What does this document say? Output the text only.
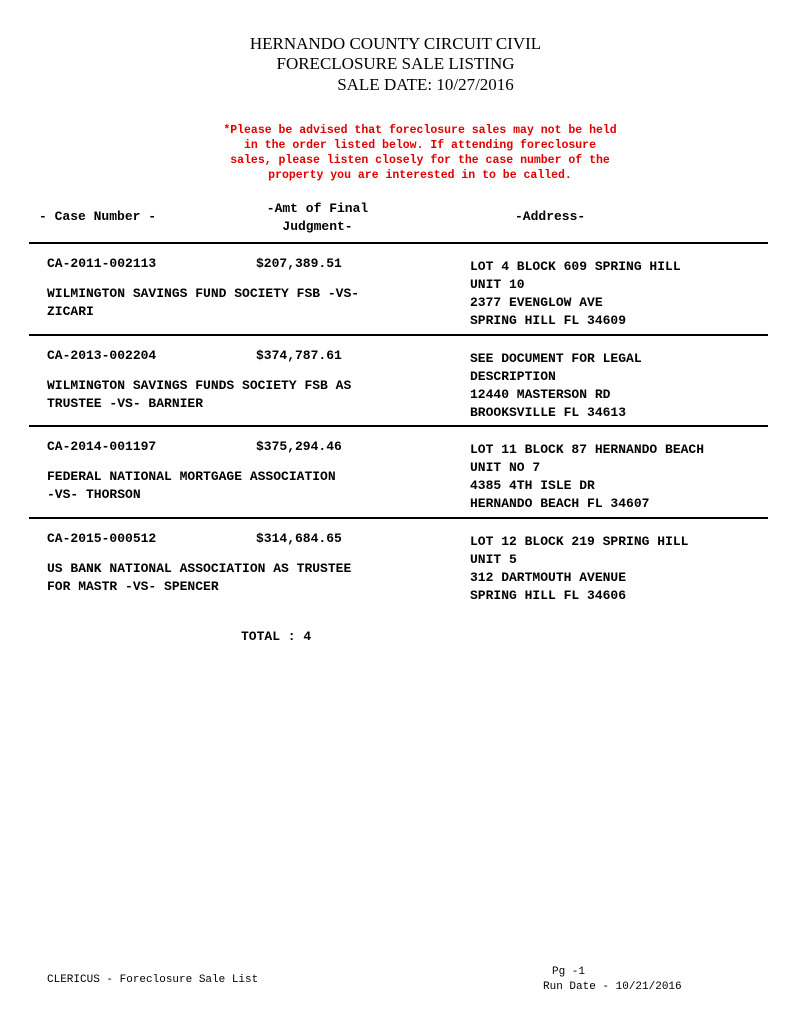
HERNANDO COUNTY CIRCUIT CIVIL
FORECLOSURE SALE LISTING
SALE DATE: 10/27/2016
*Please be advised that foreclosure sales may not be held
in the order listed below. If attending foreclosure
sales, please listen closely for the case number of the
property you are interested in to be called.
- Case Number -
-Amt of Final
Judgment-
-Address-
CA-2011-002113	$207,389.51
WILMINGTON SAVINGS FUND SOCIETY FSB -VS-
ZICARI
LOT 4 BLOCK 609 SPRING HILL
UNIT 10
2377 EVENGLOW AVE
SPRING HILL FL 34609
CA-2013-002204	$374,787.61
WILMINGTON SAVINGS FUNDS SOCIETY FSB AS
TRUSTEE -VS- BARNIER
SEE DOCUMENT FOR LEGAL
DESCRIPTION
12440 MASTERSON RD
BROOKSVILLE FL 34613
CA-2014-001197	$375,294.46
FEDERAL NATIONAL MORTGAGE ASSOCIATION
-VS- THORSON
LOT 11 BLOCK 87 HERNANDO BEACH
UNIT NO 7
4385 4TH ISLE DR
HERNANDO BEACH FL 34607
CA-2015-000512	$314,684.65
US BANK NATIONAL ASSOCIATION AS TRUSTEE
FOR MASTR -VS- SPENCER
LOT 12 BLOCK 219 SPRING HILL
UNIT 5
312 DARTMOUTH AVENUE
SPRING HILL FL 34606
TOTAL : 4
CLERICUS - Foreclosure Sale List
Pg -1
Run Date - 10/21/2016
